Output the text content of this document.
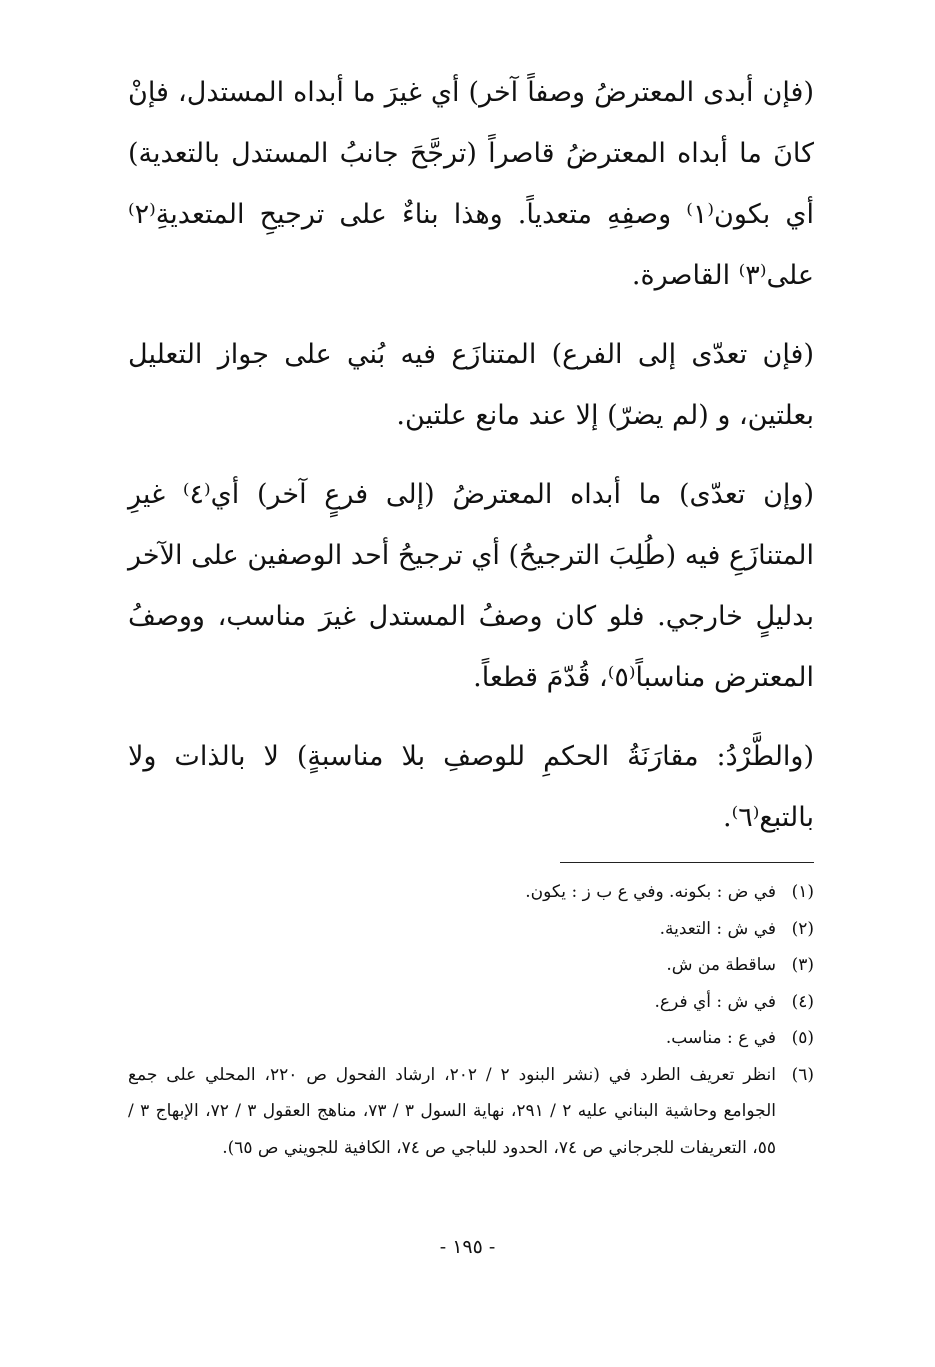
(فإن أبدى المعترضُ وصفاً آخر) أي غيرَ ما أبداه المستدل، فإنْ كانَ ما أبداه المعترضُ قاصراً (ترجَّحَ جانبُ المستدل بالتعدية) أي بكون⁽١⁾ وصفِهِ متعدياً. وهذا بناءٌ على ترجيحِ المتعديةِ⁽٢⁾ على⁽٣⁾ القاصرة.

(فإن تعدّى إلى الفرع) المتنازَع فيه بُني على جواز التعليل بعلتين، و (لم يضرّ) إلا عند مانع علتين.

(وإن تعدّى) ما أبداه المعترضُ (إلى فرعٍ آخر) أي⁽٤⁾ غيرِ المتنازَعِ فيه (طُلِبَ الترجيحُ) أي ترجيحُ أحد الوصفين على الآخر بدليلٍ خارجي. فلو كان وصفُ المستدل غيرَ مناسب، ووصفُ المعترض مناسباً⁽٥⁾، قُدّمَ قطعاً.

(والطَّرْدُ: مقارَنَةُ الحكمِ للوصفِ بلا مناسبةٍ) لا بالذات ولا بالتبع⁽٦⁾.

(١)
في ض : بكونه. وفي ع ب ز : يكون.
(٢)
في ش : التعدية.
(٣)
ساقطة من ش.
(٤)
في ش : أي فرع.
(٥)
في ع : مناسب.
(٦)
انظر تعريف الطرد في (نشر البنود ٢ / ٢٠٢، ارشاد الفحول ص ٢٢٠، المحلي على جمع الجوامع وحاشية البناني عليه ٢ / ٢٩١، نهاية السول ٣ / ٧٣، مناهج العقول ٣ / ٧٢، الإبهاج ٣ / ٥٥، التعريفات للجرجاني ص ٧٤، الحدود للباجي ص ٧٤، الكافية للجويني ص ٦٥).
- ١٩٥ -
